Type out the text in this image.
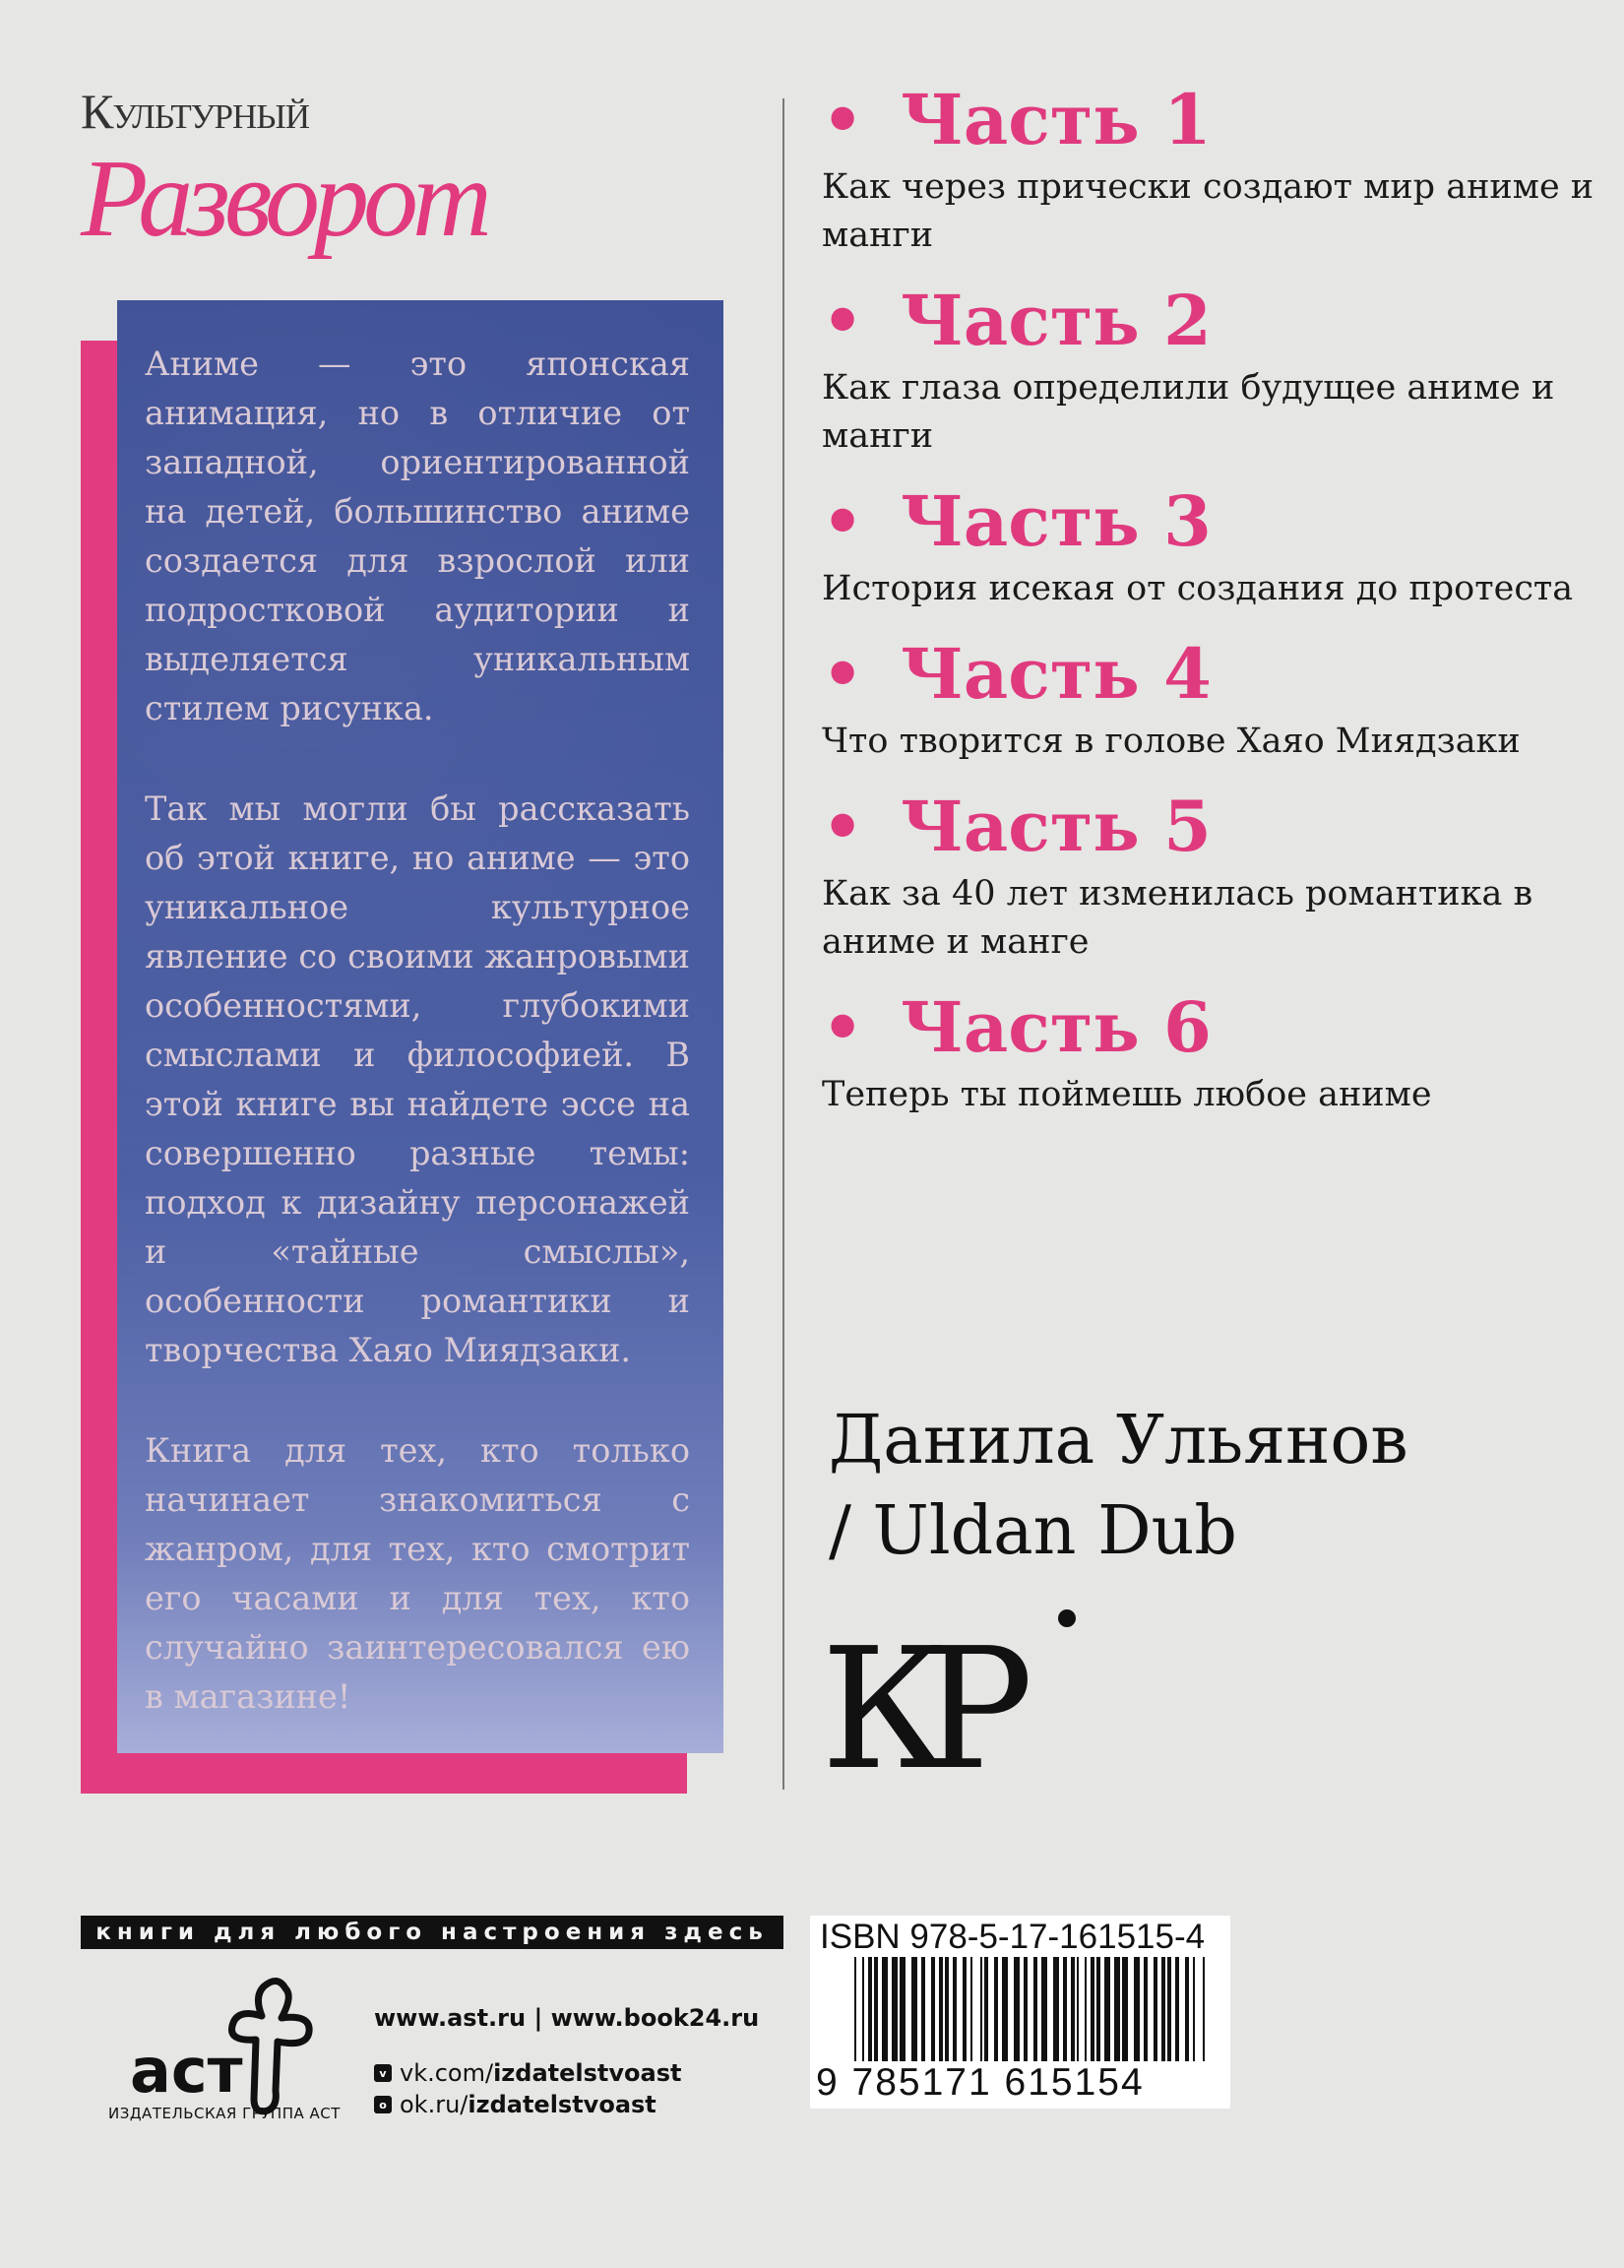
Культурный
Разворот

Аниме — это японская анимация, но в отличие от западной, ориентированной на детей, большинство аниме создается для взрослой или подростковой аудитории и выделяется уникальным стилем рисунка.

Так мы могли бы рассказать об этой книге, но аниме — это уникальное культурное явление со своими жанровыми особенностями, глубокими смыслами и философией. В этой книге вы найдете эссе на совершенно разные темы: подход к дизайну персонажей и «тайные смыслы», особенности романтики и творчества Хаяо Миядзаки.

Книга для тех, кто только начинает знакомиться с жанром, для тех, кто смотрит его часами и для тех, кто случайно заинтересовался ею в магазине!

• Часть 1
Как через прически создают мир аниме и манги
• Часть 2
Как глаза определили будущее аниме и манги
• Часть 3
История исекая от создания до протеста
• Часть 4
Что творится в голове Хаяо Миядзаки
• Часть 5
Как за 40 лет изменилась романтика в аниме и манге
• Часть 6
Теперь ты поймешь любое аниме
Данила Ульянов
/ Uldan Dub
КР
книги для любого настроения здесь
аст
ИЗДАТЕЛЬСКАЯ ГРУППА АСТ
www.ast.ru | www.book24.ru
v vk.com/ izdatelstvoast
o ok.ru/ izdatelstvoast
ISBN 978-5-17-161515-4
9 785171 615154
